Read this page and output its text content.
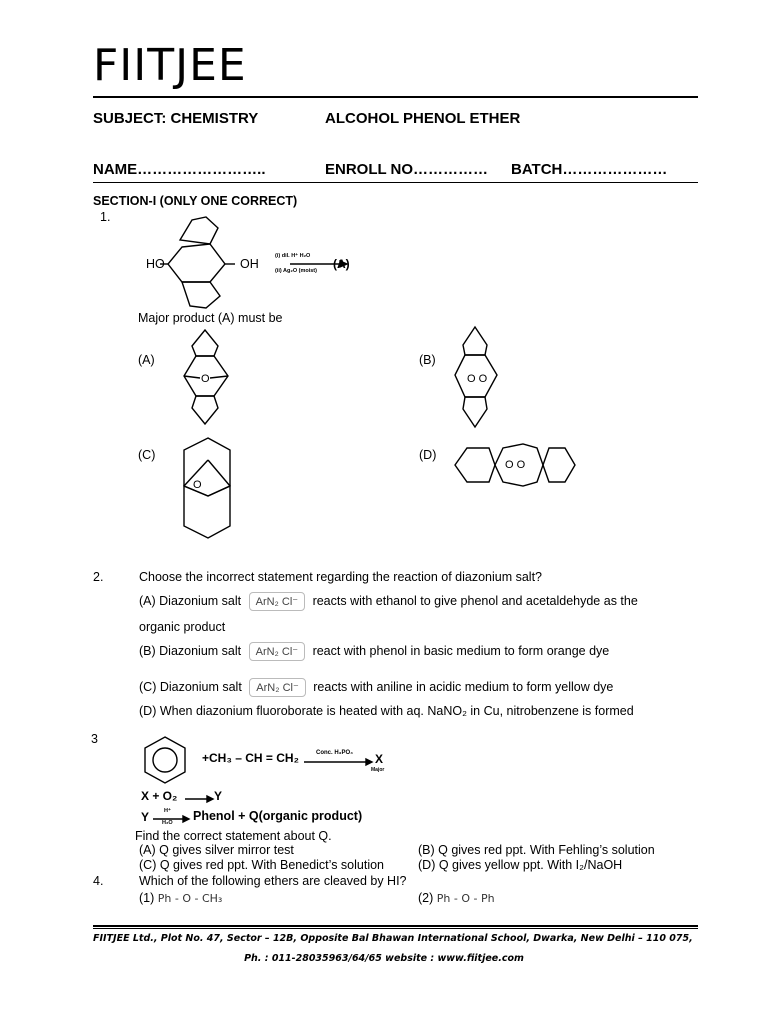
FIITJEE
SUBJECT: CHEMISTRY	ALCOHOL PHENOL ETHER
NAME……………………..	ENROLL NO…………… BATCH…………………
SECTION-I (ONLY ONE CORRECT)
1.
HO	OH
(i) dil. H⁺ H₂O
(ii) Ag₂O (moist) (A)
Major product (A) must be
(A)
O
(B)
O O
(C)
O
(D)
O O
2.	Choose the incorrect statement regarding the reaction of diazonium salt?
(A) Diazonium salt ArN₂ Cl⁻ reacts with ethanol to give phenol and acetaldehyde as the
organic product
(B) Diazonium salt ArN₂ Cl⁻ react with phenol in basic medium to form orange dye
(C) Diazonium salt ArN₂ Cl⁻ reacts with aniline in acidic medium to form yellow dye
(D) When diazonium fluoroborate is heated with aq. NaNO₂ in Cu, nitrobenzene is formed
3
+CH₃ – CH = CH₂	Conc. H₃PO₄ X
Major
X + O₂	Y
Y	H⁺
H₂O Phenol + Q(organic product)
Find the correct statement about Q.
(A) Q gives silver mirror test	(B) Q gives red ppt. With Fehling’s solution
(C) Q gives red ppt. With Benedict’s solution	(D) Q gives yellow ppt. With I₂/NaOH
4.	Which of the following ethers are cleaved by HI?
(1) Ph - O - CH₃	(2) Ph - O - Ph
FIITJEE Ltd., Plot No. 47, Sector – 12B, Opposite Bal Bhawan International School, Dwarka, New Delhi – 110 075,
Ph. : 011-28035963/64/65 website : www.fiitjee.com
